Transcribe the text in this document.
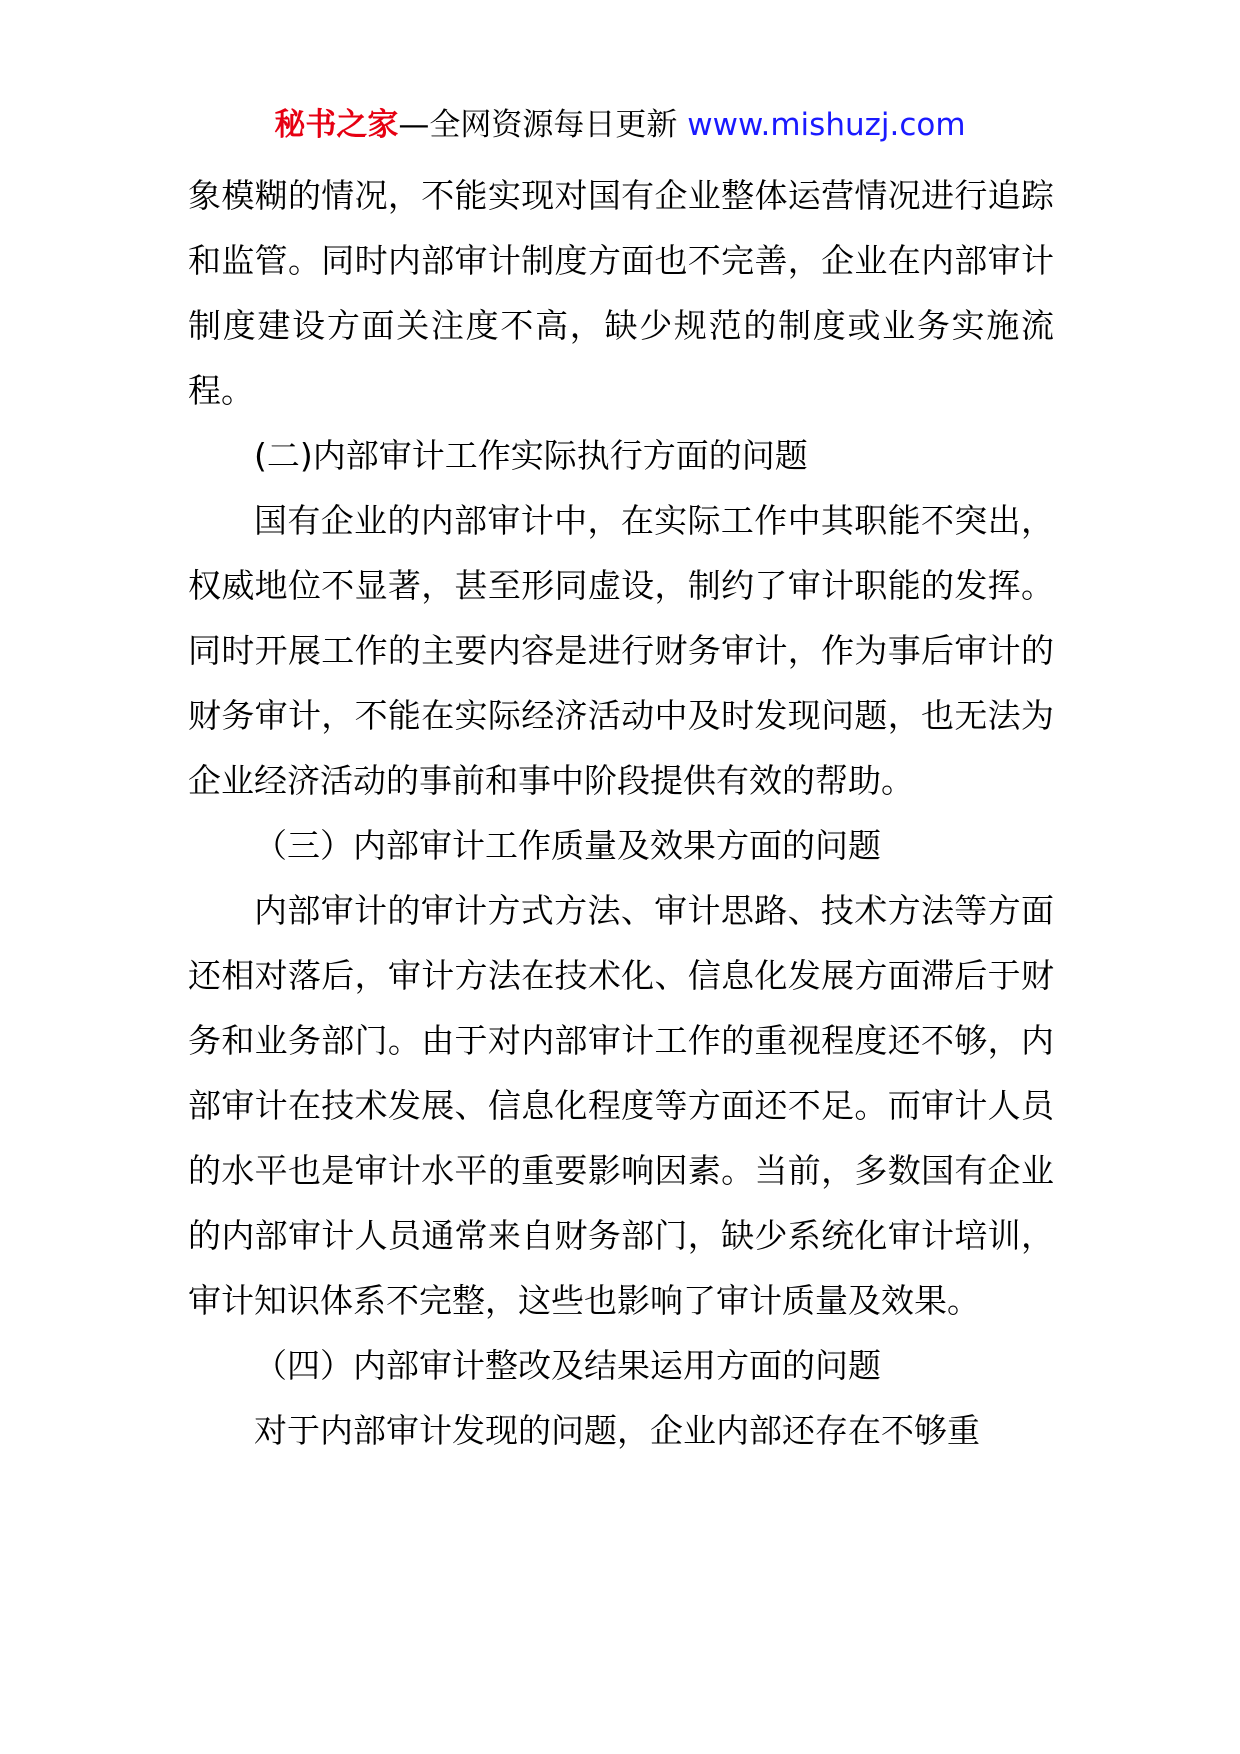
秘书之家—全网资源每日更新 www.mishuzj.com

象模糊的情况，不能实现对国有企业整体运营情况进行追踪和监管。同时内部审计制度方面也不完善，企业在内部审计制度建设方面关注度不高，缺少规范的制度或业务实施流程。

(二)内部审计工作实际执行方面的问题

国有企业的内部审计中，在实际工作中其职能不突出，权威地位不显著，甚至形同虚设，制约了审计职能的发挥。同时开展工作的主要内容是进行财务审计，作为事后审计的财务审计，不能在实际经济活动中及时发现问题，也无法为企业经济活动的事前和事中阶段提供有效的帮助。

（三）内部审计工作质量及效果方面的问题

内部审计的审计方式方法、审计思路、技术方法等方面还相对落后，审计方法在技术化、信息化发展方面滞后于财务和业务部门。由于对内部审计工作的重视程度还不够，内部审计在技术发展、信息化程度等方面还不足。而审计人员的水平也是审计水平的重要影响因素。当前，多数国有企业的内部审计人员通常来自财务部门，缺少系统化审计培训，审计知识体系不完整，这些也影响了审计质量及效果。

（四）内部审计整改及结果运用方面的问题

对于内部审计发现的问题，企业内部还存在不够重
